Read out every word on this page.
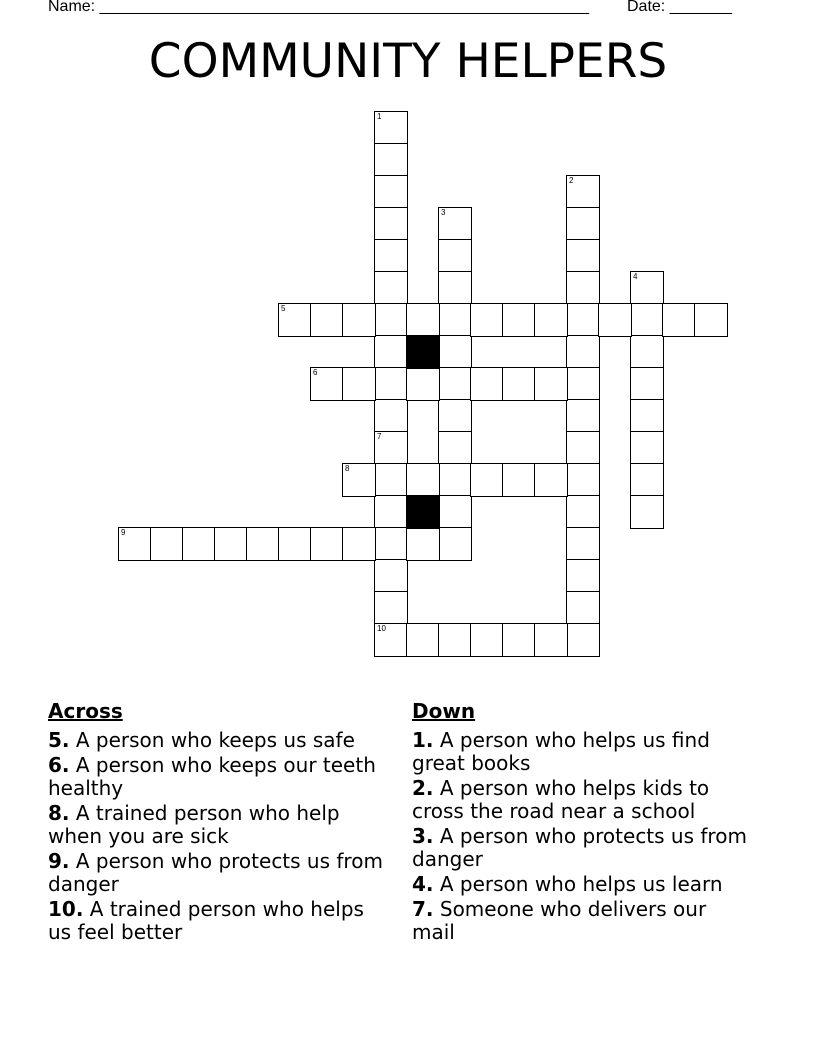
Name: _______________________________________________________ Date: _______
COMMUNITY HELPERS
1
7
10
2
3
4
5
6
8
9
Across
5. A person who keeps us safe
6. A person who keeps our teeth healthy
8. A trained person who help when you are sick
9. A person who protects us from danger
10. A trained person who helps us feel better
Down
1. A person who helps us find great books
2. A person who helps kids to cross the road near a school
3. A person who protects us from danger
4. A person who helps us learn
7. Someone who delivers our mail
